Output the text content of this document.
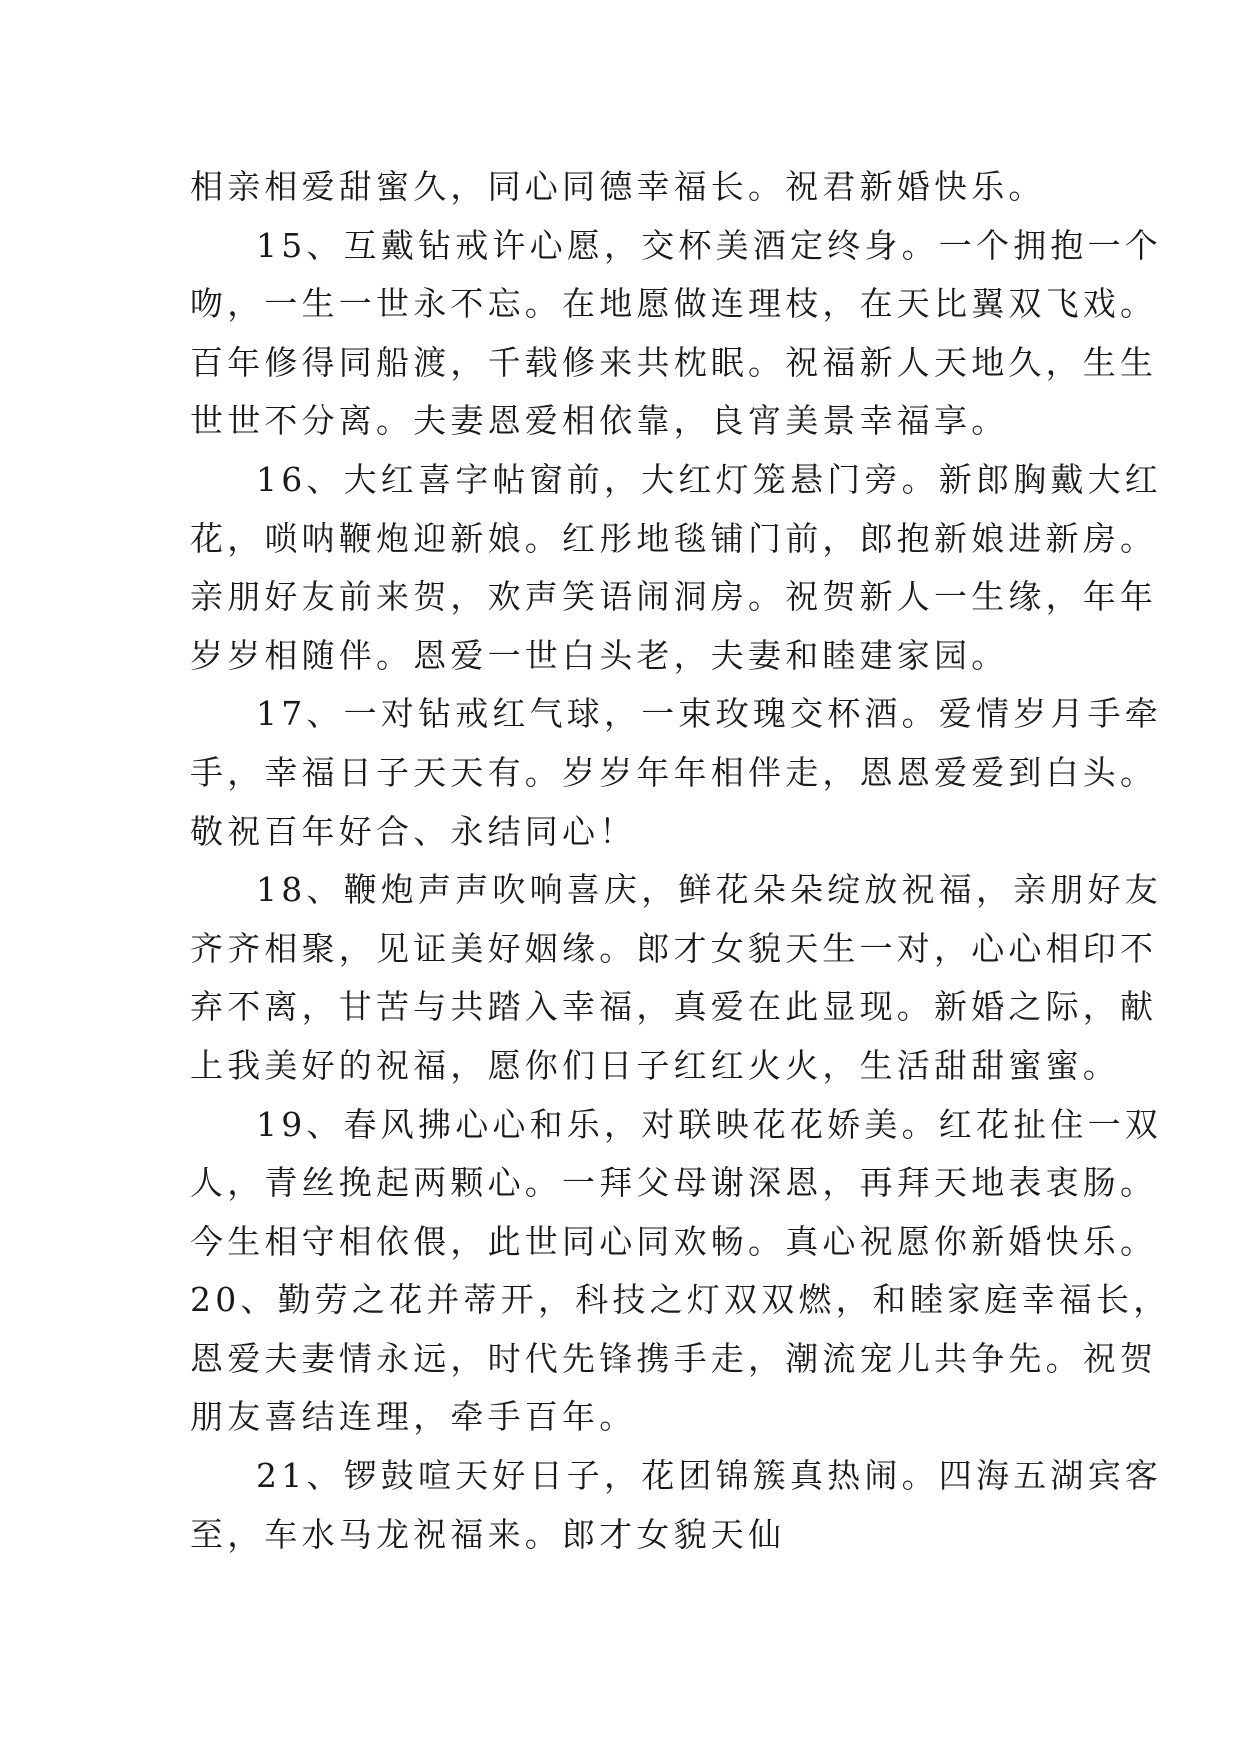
相亲相爱甜蜜久，同心同德幸福长。祝君新婚快乐。
15、互戴钻戒许心愿，交杯美酒定终身。一个拥抱一个
吻，一生一世永不忘。在地愿做连理枝，在天比翼双飞戏。
百年修得同船渡，千载修来共枕眠。祝福新人天地久，生生
世世不分离。夫妻恩爱相依靠，良宵美景幸福享。
16、大红喜字帖窗前，大红灯笼悬门旁。新郎胸戴大红
花，唢呐鞭炮迎新娘。红彤地毯铺门前，郎抱新娘进新房。
亲朋好友前来贺，欢声笑语闹洞房。祝贺新人一生缘，年年
岁岁相随伴。恩爱一世白头老，夫妻和睦建家园。
17、一对钻戒红气球，一束玫瑰交杯酒。爱情岁月手牵
手，幸福日子天天有。岁岁年年相伴走，恩恩爱爱到白头。
敬祝百年好合、永结同心！
18、鞭炮声声吹响喜庆，鲜花朵朵绽放祝福，亲朋好友
齐齐相聚，见证美好姻缘。郎才女貌天生一对，心心相印不
弃不离，甘苦与共踏入幸福，真爱在此显现。新婚之际，献
上我美好的祝福，愿你们日子红红火火，生活甜甜蜜蜜。
19、春风拂心心和乐，对联映花花娇美。红花扯住一双
人，青丝挽起两颗心。一拜父母谢深恩，再拜天地表衷肠。
今生相守相依偎，此世同心同欢畅。真心祝愿你新婚快乐。
20、勤劳之花并蒂开，科技之灯双双燃，和睦家庭幸福长，
恩爱夫妻情永远，时代先锋携手走，潮流宠儿共争先。祝贺
朋友喜结连理，牵手百年。
21、锣鼓喧天好日子，花团锦簇真热闹。四海五湖宾客
至，车水马龙祝福来。郎才女貌天仙
